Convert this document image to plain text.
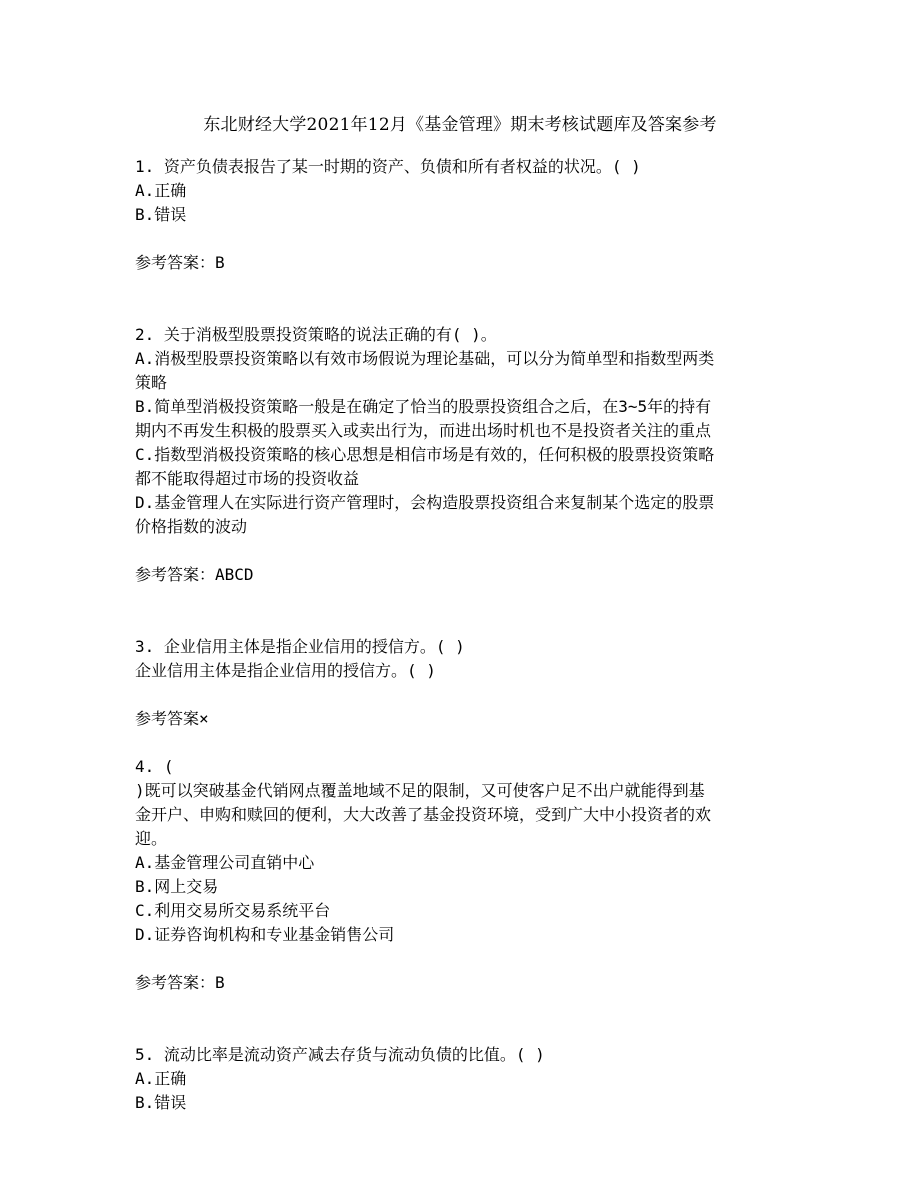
东北财经大学2021年12月《基金管理》期末考核试题库及答案参考
1. 资产负债表报告了某一时期的资产、负债和所有者权益的状况。( )
A.正确
B.错误
参考答案：B
2. 关于消极型股票投资策略的说法正确的有( )。
A.消极型股票投资策略以有效市场假说为理论基础，可以分为简单型和指数型两类
策略
B.简单型消极投资策略一般是在确定了恰当的股票投资组合之后，在3~5年的持有
期内不再发生积极的股票买入或卖出行为，而进出场时机也不是投资者关注的重点
C.指数型消极投资策略的核心思想是相信市场是有效的，任何积极的股票投资策略
都不能取得超过市场的投资收益
D.基金管理人在实际进行资产管理时，会构造股票投资组合来复制某个选定的股票
价格指数的波动
参考答案：ABCD
3. 企业信用主体是指企业信用的授信方。( )
企业信用主体是指企业信用的授信方。( )
参考答案×
4. (
)既可以突破基金代销网点覆盖地域不足的限制，又可使客户足不出户就能得到基
金开户、申购和赎回的便利，大大改善了基金投资环境，受到广大中小投资者的欢
迎。
A.基金管理公司直销中心
B.网上交易
C.利用交易所交易系统平台
D.证券咨询机构和专业基金销售公司
参考答案：B
5. 流动比率是流动资产减去存货与流动负债的比值。( )
A.正确
B.错误
